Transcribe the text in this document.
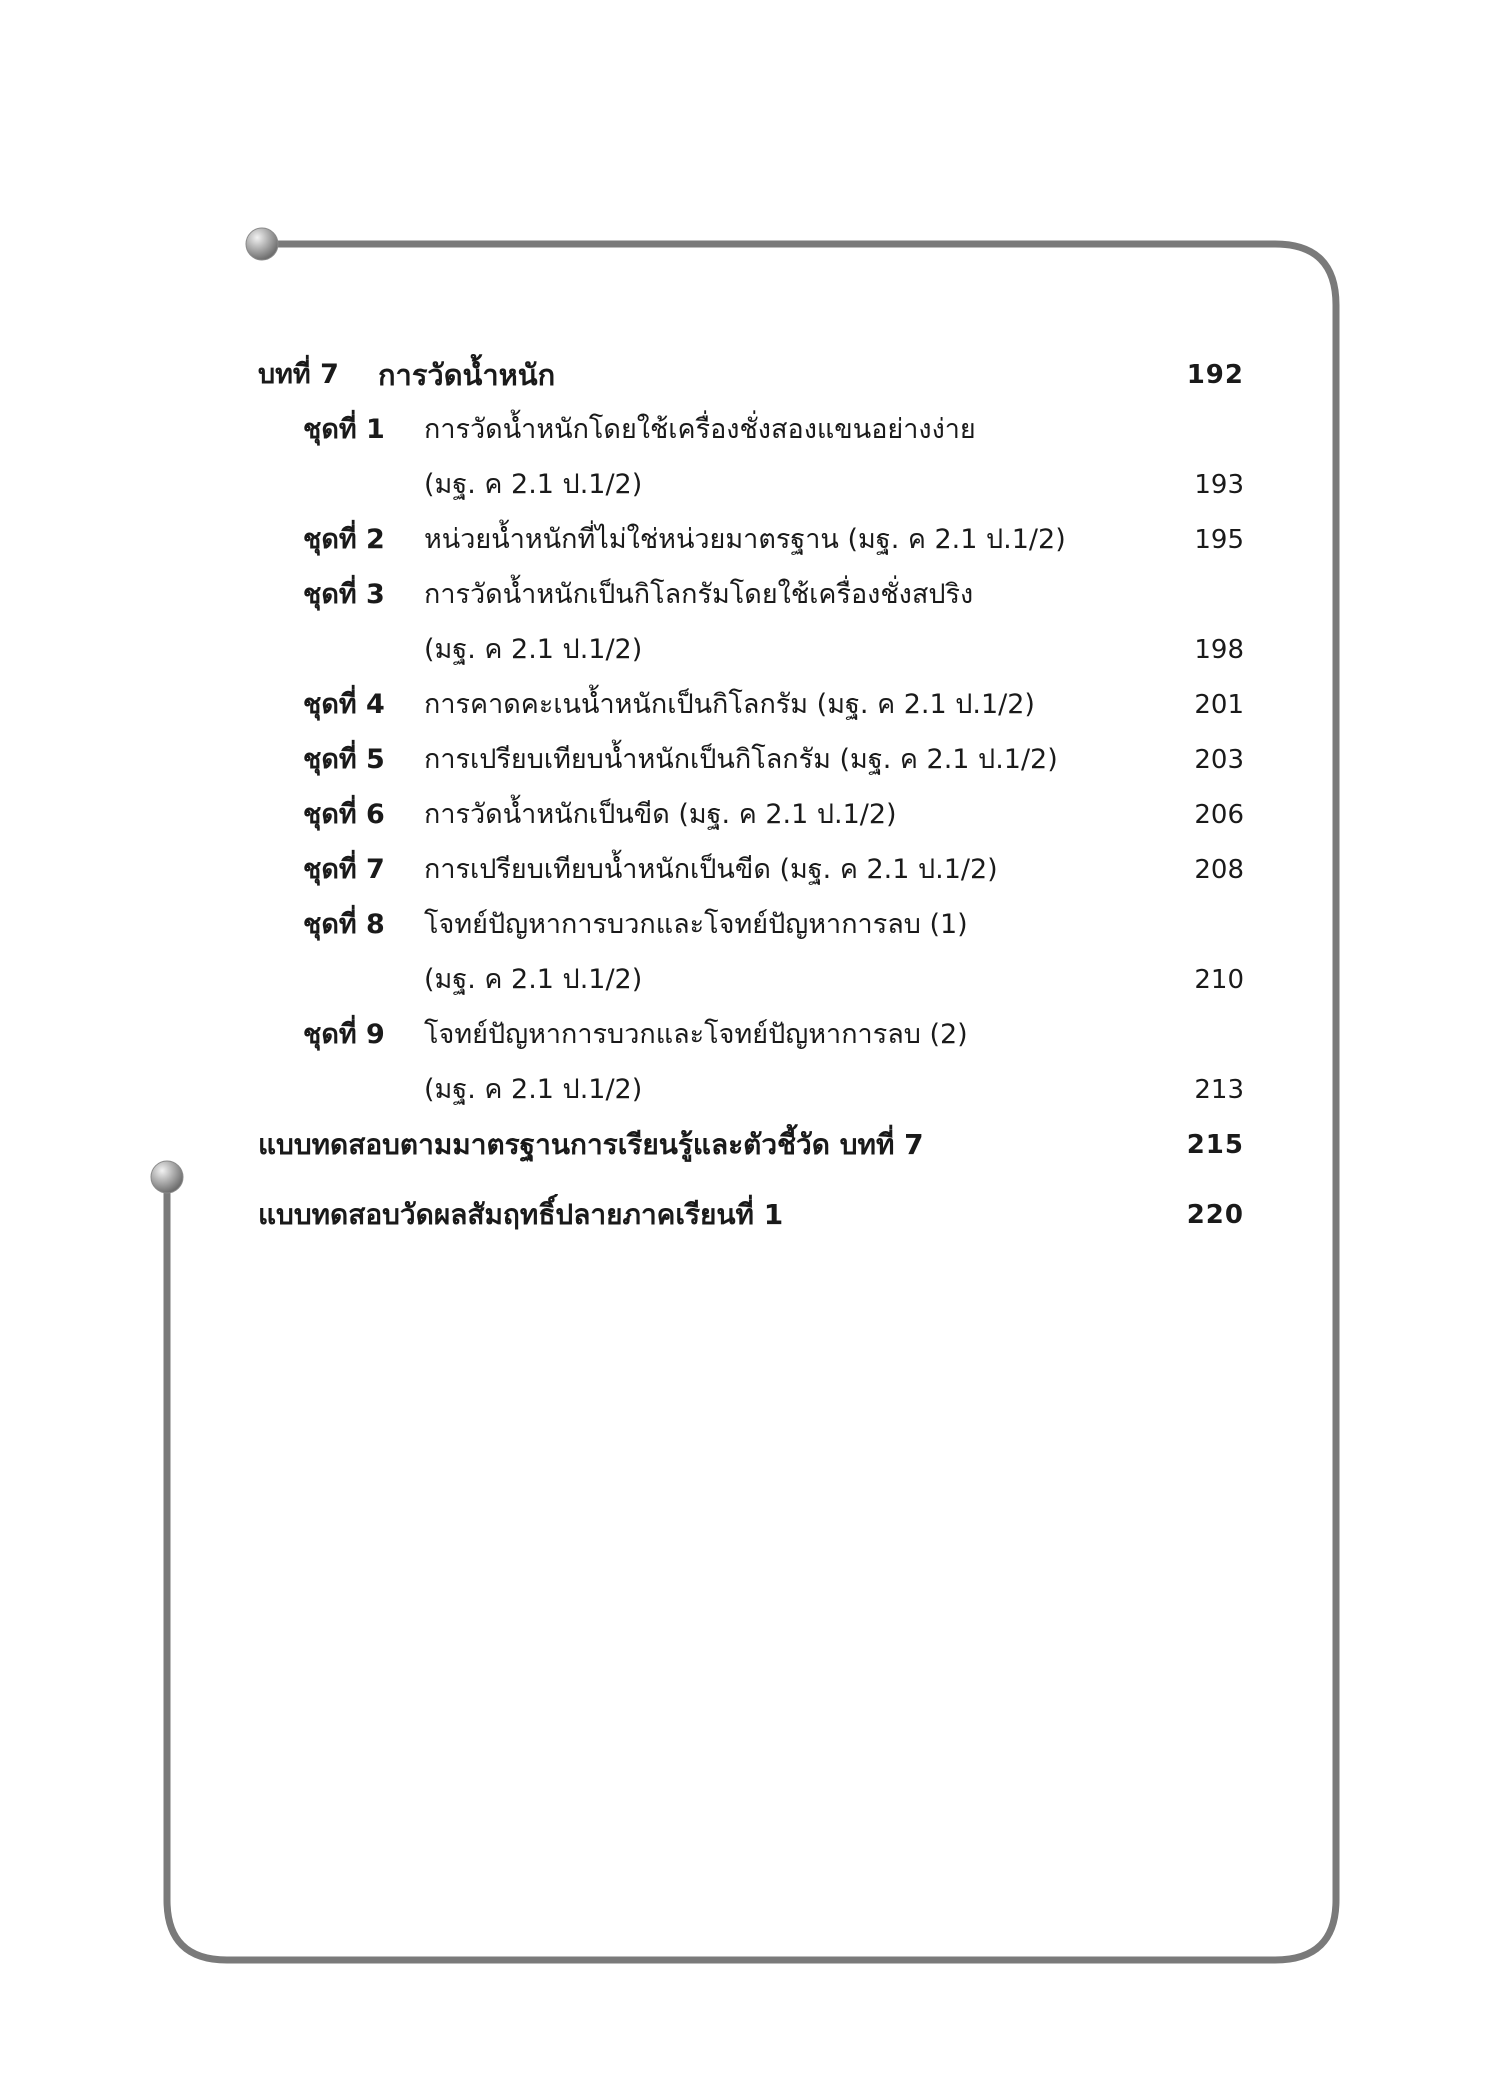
บทที่ 7 การวัดน้ำหนัก	192
ชุดที่ 1 การวัดน้ำหนักโดยใช้เครื่องชั่งสองแขนอย่างง่าย
(มฐ. ค 2.1 ป.1/2)	193
ชุดที่ 2 หน่วยน้ำหนักที่ไม่ใช่หน่วยมาตรฐาน (มฐ. ค 2.1 ป.1/2)	195
ชุดที่ 3 การวัดน้ำหนักเป็นกิโลกรัมโดยใช้เครื่องชั่งสปริง
(มฐ. ค 2.1 ป.1/2)	198
ชุดที่ 4 การคาดคะเนน้ำหนักเป็นกิโลกรัม (มฐ. ค 2.1 ป.1/2)	201
ชุดที่ 5 การเปรียบเทียบน้ำหนักเป็นกิโลกรัม (มฐ. ค 2.1 ป.1/2)	203
ชุดที่ 6 การวัดน้ำหนักเป็นขีด (มฐ. ค 2.1 ป.1/2)	206
ชุดที่ 7 การเปรียบเทียบน้ำหนักเป็นขีด (มฐ. ค 2.1 ป.1/2)	208
ชุดที่ 8 โจทย์ปัญหาการบวกและโจทย์ปัญหาการลบ (1)
(มฐ. ค 2.1 ป.1/2)	210
ชุดที่ 9 โจทย์ปัญหาการบวกและโจทย์ปัญหาการลบ (2)
(มฐ. ค 2.1 ป.1/2)	213
แบบทดสอบตามมาตรฐานการเรียนรู้และตัวชี้วัด บทที่ 7	215
แบบทดสอบวัดผลสัมฤทธิ์ปลายภาคเรียนที่ 1	220
